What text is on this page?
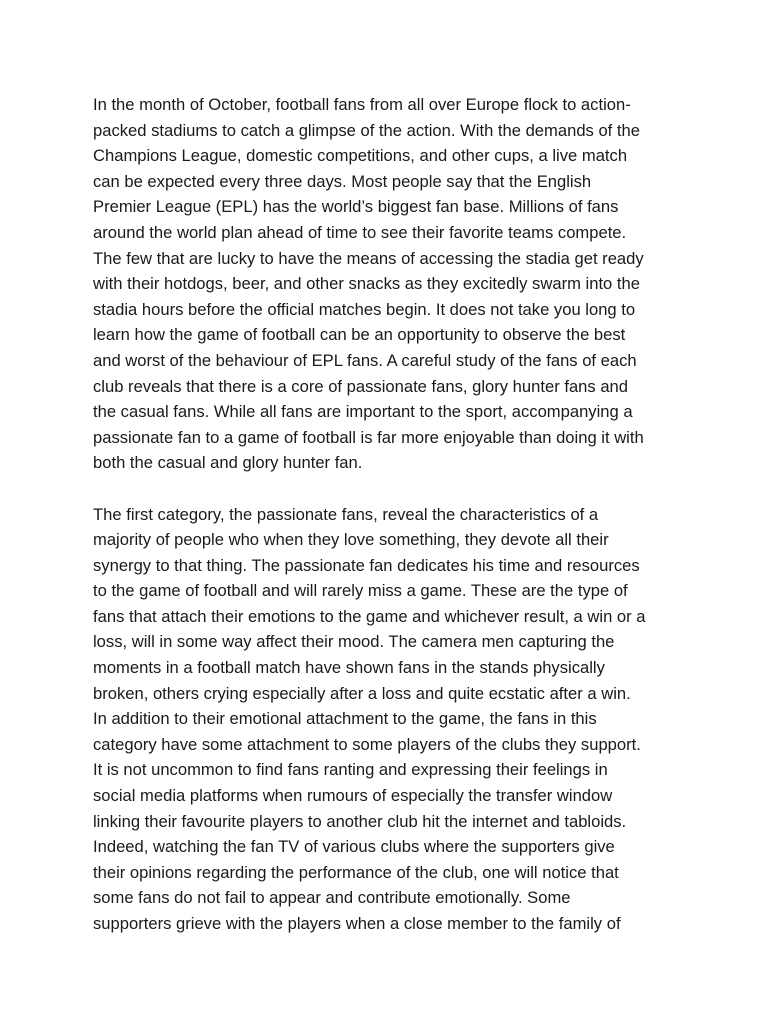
In the month of October, football fans from all over Europe flock to action-
packed stadiums to catch a glimpse of the action. With the demands of the
Champions League, domestic competitions, and other cups, a live match
can be expected every three days. Most people say that the English
Premier League (EPL) has the world’s biggest fan base. Millions of fans
around the world plan ahead of time to see their favorite teams compete.
The few that are lucky to have the means of accessing the stadia get ready
with their hotdogs, beer, and other snacks as they excitedly swarm into the
stadia hours before the official matches begin. It does not take you long to
learn how the game of football can be an opportunity to observe the best
and worst of the behaviour of EPL fans. A careful study of the fans of each
club reveals that there is a core of passionate fans, glory hunter fans and
the casual fans. While all fans are important to the sport, accompanying a
passionate fan to a game of football is far more enjoyable than doing it with
both the casual and glory hunter fan.

The first category, the passionate fans, reveal the characteristics of a
majority of people who when they love something, they devote all their
synergy to that thing. The passionate fan dedicates his time and resources
to the game of football and will rarely miss a game. These are the type of
fans that attach their emotions to the game and whichever result, a win or a
loss, will in some way affect their mood. The camera men capturing the
moments in a football match have shown fans in the stands physically
broken, others crying especially after a loss and quite ecstatic after a win.
In addition to their emotional attachment to the game, the fans in this
category have some attachment to some players of the clubs they support.
It is not uncommon to find fans ranting and expressing their feelings in
social media platforms when rumours of especially the transfer window
linking their favourite players to another club hit the internet and tabloids.
Indeed, watching the fan TV of various clubs where the supporters give
their opinions regarding the performance of the club, one will notice that
some fans do not fail to appear and contribute emotionally. Some
supporters grieve with the players when a close member to the family of
